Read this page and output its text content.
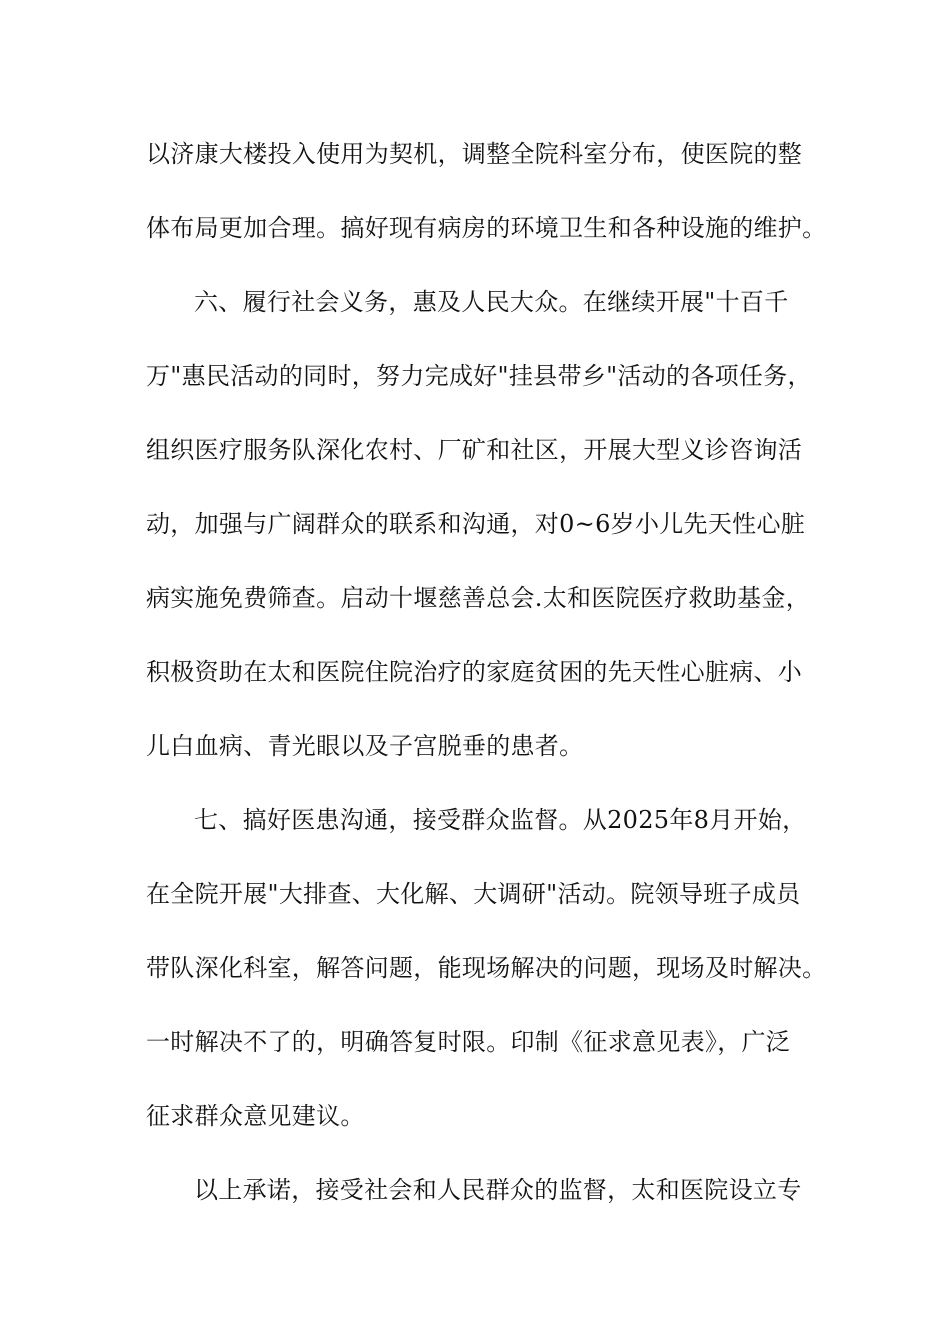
以济康大楼投入使用为契机，调整全院科室分布，使医院的整
体布局更加合理。搞好现有病房的环境卫生和各种设施的维护。
六、履行社会义务，惠及人民大众。在继续开展"十百千
万"惠民活动的同时，努力完成好"挂县带乡"活动的各项任务，
组织医疗服务队深化农村、厂矿和社区，开展大型义诊咨询活
动，加强与广阔群众的联系和沟通，对0~6岁小儿先天性心脏
病实施免费筛查。启动十堰慈善总会.太和医院医疗救助基金，
积极资助在太和医院住院治疗的家庭贫困的先天性心脏病、小
儿白血病、青光眼以及子宫脱垂的患者。
七、搞好医患沟通，接受群众监督。从2025年8月开始，
在全院开展"大排查、大化解、大调研"活动。院领导班子成员
带队深化科室，解答问题，能现场解决的问题，现场及时解决。
一时解决不了的，明确答复时限。印制《征求意见表》，广泛
征求群众意见建议。
以上承诺，接受社会和人民群众的监督，太和医院设立专
